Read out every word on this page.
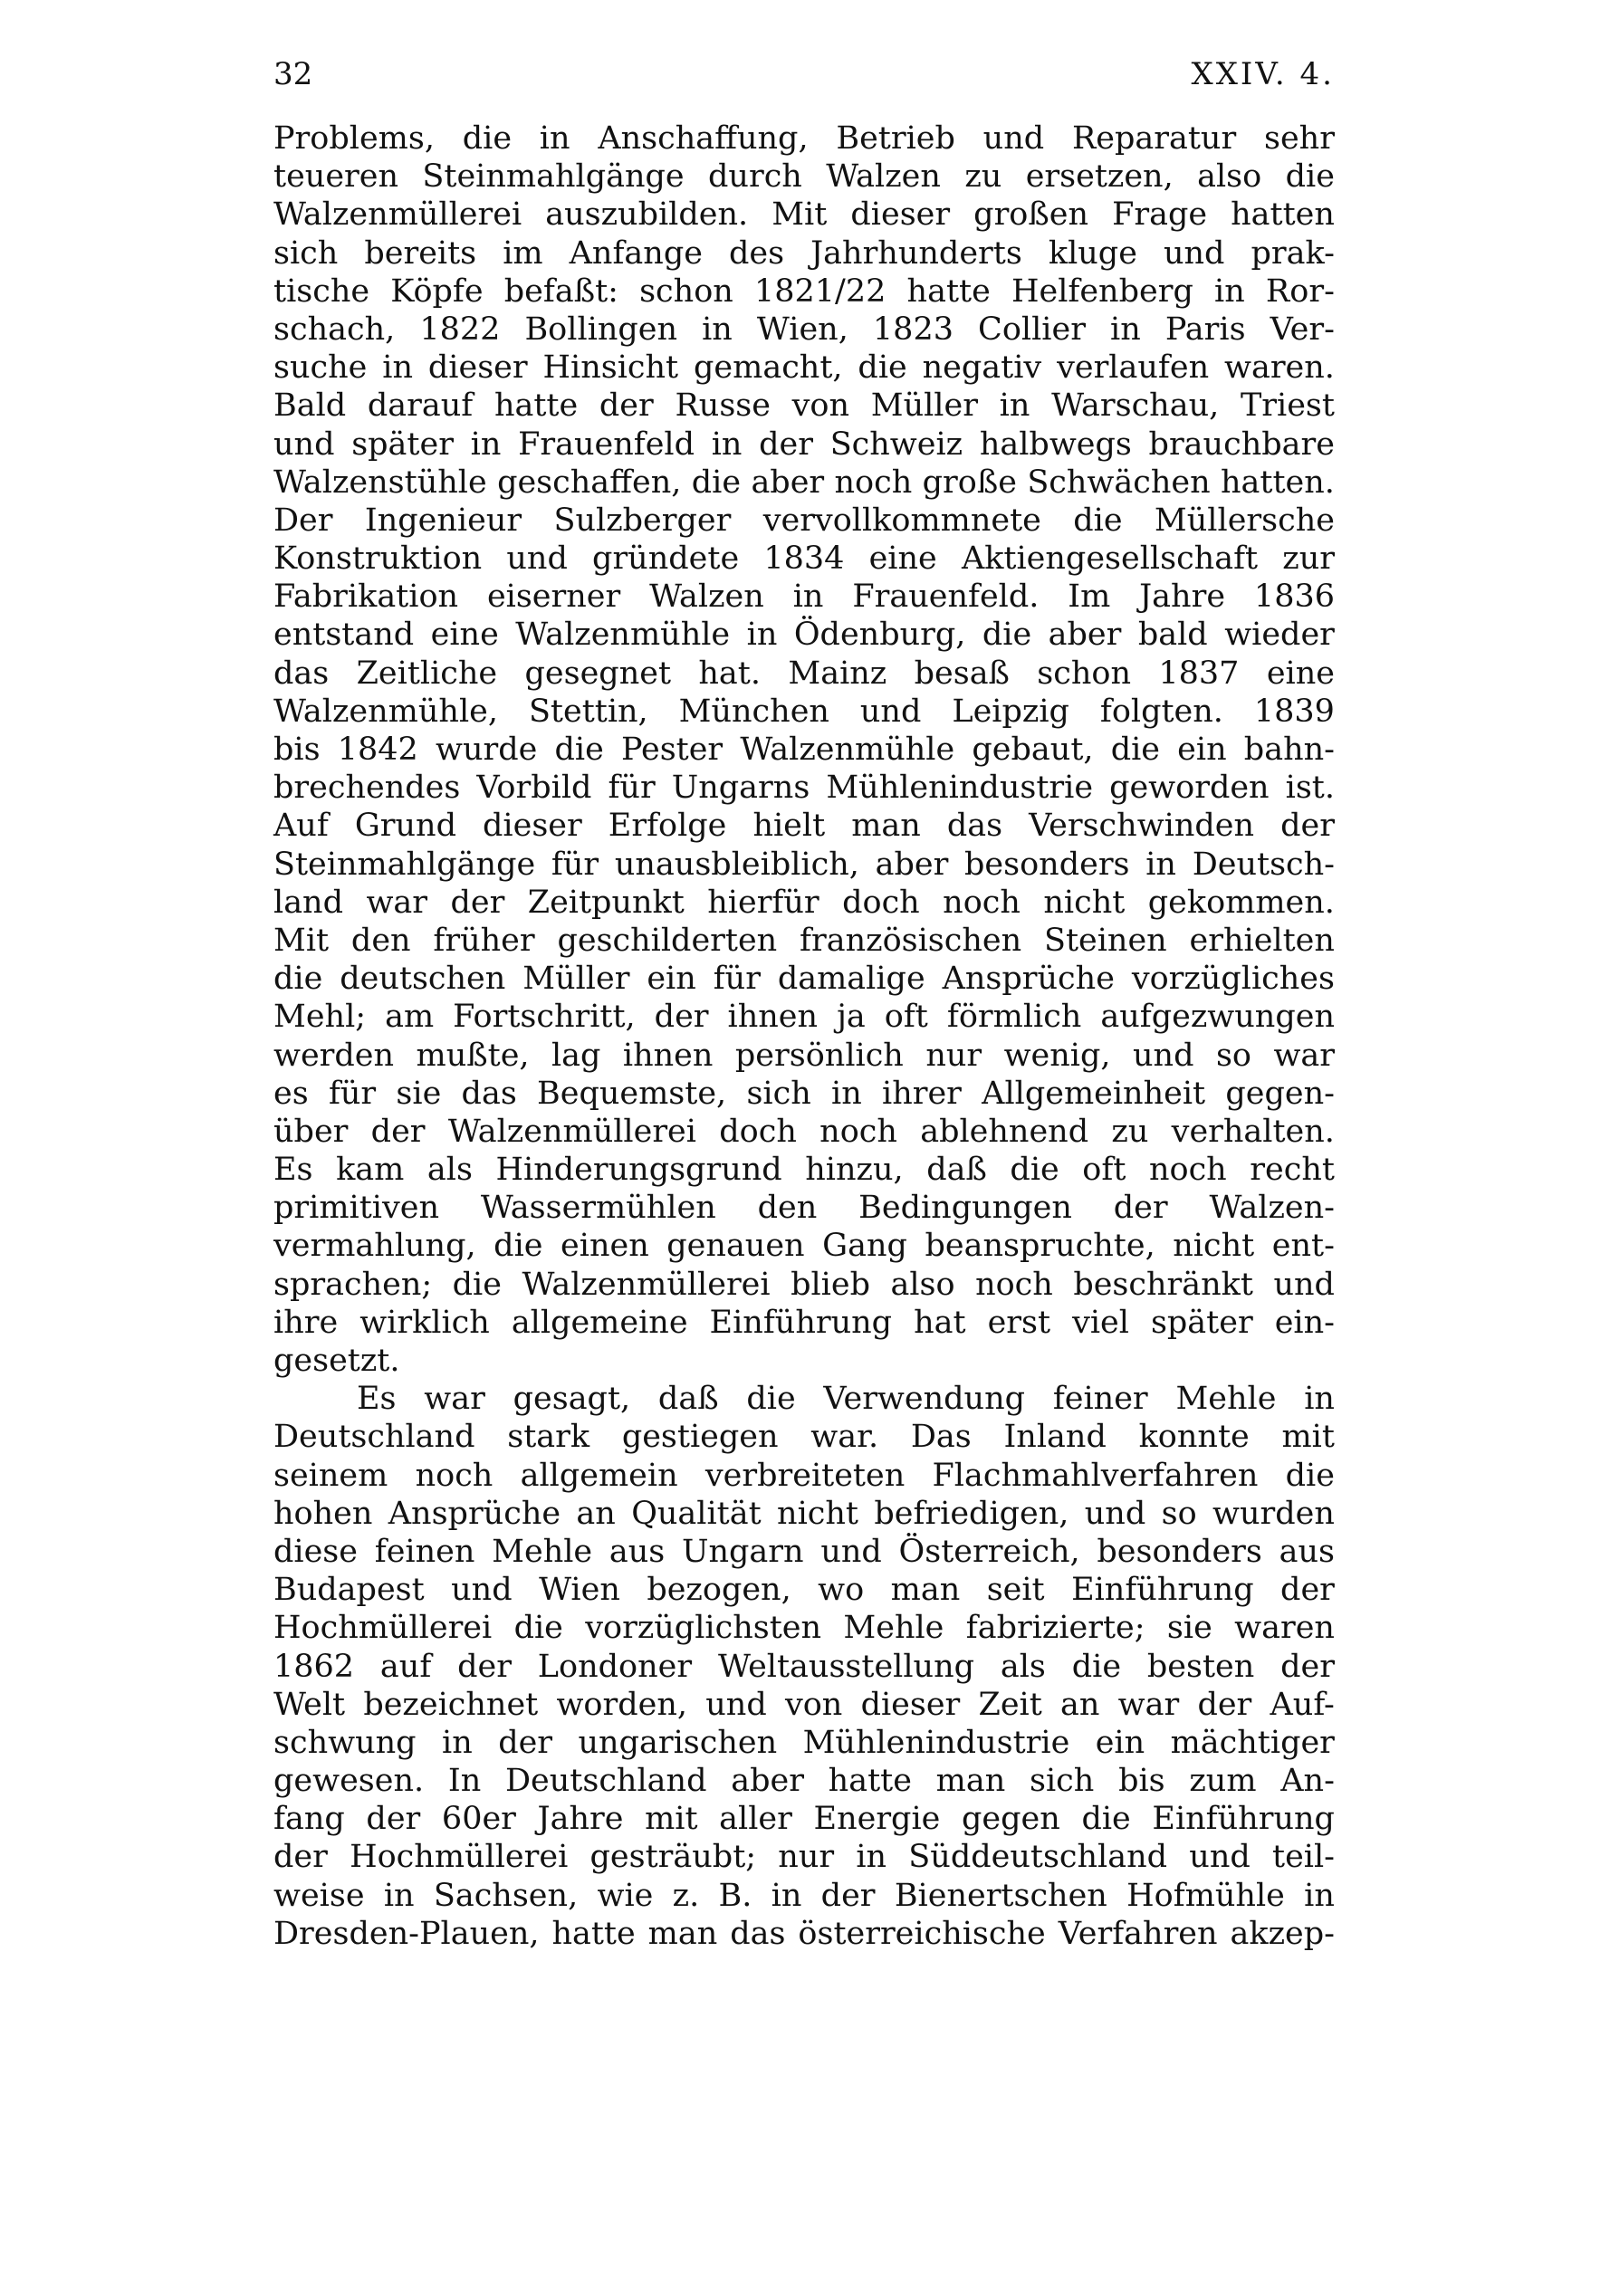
32	XXIV. 4.
Problems, die in Anschaffung, Betrieb und Reparatur sehr
teueren Steinmahlgänge durch Walzen zu ersetzen, also die
Walzenmüllerei auszubilden. Mit dieser großen Frage hatten
sich bereits im Anfange des Jahrhunderts kluge und prak-
tische Köpfe befaßt: schon 1821/22 hatte Helfenberg in Ror-
schach, 1822 Bollingen in Wien, 1823 Collier in Paris Ver-
suche in dieser Hinsicht gemacht, die negativ verlaufen waren.
Bald darauf hatte der Russe von Müller in Warschau, Triest
und später in Frauenfeld in der Schweiz halbwegs brauchbare
Walzenstühle geschaffen, die aber noch große Schwächen hatten.
Der Ingenieur Sulzberger vervollkommnete die Müllersche
Konstruktion und gründete 1834 eine Aktiengesellschaft zur
Fabrikation eiserner Walzen in Frauenfeld. Im Jahre 1836
entstand eine Walzenmühle in Ödenburg, die aber bald wieder
das Zeitliche gesegnet hat. Mainz besaß schon 1837 eine
Walzenmühle, Stettin, München und Leipzig folgten. 1839
bis 1842 wurde die Pester Walzenmühle gebaut, die ein bahn-
brechendes Vorbild für Ungarns Mühlenindustrie geworden ist.
Auf Grund dieser Erfolge hielt man das Verschwinden der
Steinmahlgänge für unausbleiblich, aber besonders in Deutsch-
land war der Zeitpunkt hierfür doch noch nicht gekommen.
Mit den früher geschilderten französischen Steinen erhielten
die deutschen Müller ein für damalige Ansprüche vorzügliches
Mehl; am Fortschritt, der ihnen ja oft förmlich aufgezwungen
werden mußte, lag ihnen persönlich nur wenig, und so war
es für sie das Bequemste, sich in ihrer Allgemeinheit gegen-
über der Walzenmüllerei doch noch ablehnend zu verhalten.
Es kam als Hinderungsgrund hinzu, daß die oft noch recht
primitiven Wassermühlen den Bedingungen der Walzen-
vermahlung, die einen genauen Gang beanspruchte, nicht ent-
sprachen; die Walzenmüllerei blieb also noch beschränkt und
ihre wirklich allgemeine Einführung hat erst viel später ein-
gesetzt.
Es war gesagt, daß die Verwendung feiner Mehle in
Deutschland stark gestiegen war. Das Inland konnte mit
seinem noch allgemein verbreiteten Flachmahlverfahren die
hohen Ansprüche an Qualität nicht befriedigen, und so wurden
diese feinen Mehle aus Ungarn und Österreich, besonders aus
Budapest und Wien bezogen, wo man seit Einführung der
Hochmüllerei die vorzüglichsten Mehle fabrizierte; sie waren
1862 auf der Londoner Weltausstellung als die besten der
Welt bezeichnet worden, und von dieser Zeit an war der Auf-
schwung in der ungarischen Mühlenindustrie ein mächtiger
gewesen. In Deutschland aber hatte man sich bis zum An-
fang der 60er Jahre mit aller Energie gegen die Einführung
der Hochmüllerei gesträubt; nur in Süddeutschland und teil-
weise in Sachsen, wie z. B. in der Bienertschen Hofmühle in
Dresden-Plauen, hatte man das österreichische Verfahren akzep-
